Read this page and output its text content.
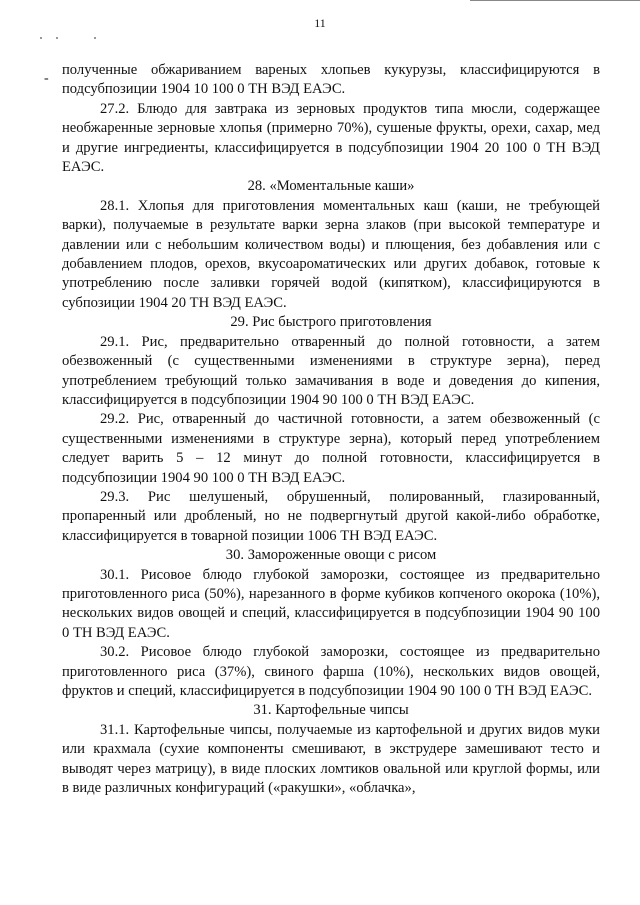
11
-

полученные обжариванием вареных хлопьев кукурузы, классифицируются в подсубпозиции 1904 10 100 0 ТН ВЭД ЕАЭС.

27.2. Блюдо для завтрака из зерновых продуктов типа мюсли, содержащее необжаренные зерновые хлопья (примерно 70%), сушеные фрукты, орехи, сахар, мед и другие ингредиенты, классифицируется в подсубпозиции 1904 20 100 0 ТН ВЭД ЕАЭС.

28. «Моментальные каши»

28.1. Хлопья для приготовления моментальных каш (каши, не требующей варки), получаемые в результате варки зерна злаков (при высокой температуре и давлении или с небольшим количеством воды) и плющения, без добавления или с добавлением плодов, орехов, вкусоароматических или других добавок, готовые к употреблению после заливки горячей водой (кипятком), классифицируются в субпозиции 1904 20 ТН ВЭД ЕАЭС.

29. Рис быстрого приготовления

29.1. Рис, предварительно отваренный до полной готовности, а затем обезвоженный (с существенными изменениями в структуре зерна), перед употреблением требующий только замачивания в воде и доведения до кипения, классифицируется в подсубпозиции 1904 90 100 0 ТН ВЭД ЕАЭС.

29.2. Рис, отваренный до частичной готовности, а затем обезвоженный (с существенными изменениями в структуре зерна), который перед употреблением следует варить 5 – 12 минут до полной готовности, классифицируется в подсубпозиции 1904 90 100 0 ТН ВЭД ЕАЭС.

29.3. Рис шелушеный, обрушенный, полированный, глазированный, пропаренный или дробленый, но не подвергнутый другой какой-либо обработке, классифицируется в товарной позиции 1006 ТН ВЭД ЕАЭС.

30. Замороженные овощи с рисом

30.1. Рисовое блюдо глубокой заморозки, состоящее из предварительно приготовленного риса (50%), нарезанного в форме кубиков копченого окорока (10%), нескольких видов овощей и специй, классифицируется в подсубпозиции 1904 90 100 0 ТН ВЭД ЕАЭС.

30.2. Рисовое блюдо глубокой заморозки, состоящее из предварительно приготовленного риса (37%), свиного фарша (10%), нескольких видов овощей, фруктов и специй, классифицируется в подсубпозиции 1904 90 100 0 ТН ВЭД ЕАЭС.

31. Картофельные чипсы

31.1. Картофельные чипсы, получаемые из картофельной и других видов муки или крахмала (сухие компоненты смешивают, в экструдере замешивают тесто и выводят через матрицу), в виде плоских ломтиков овальной или круглой формы, или в виде различных конфигураций («ракушки», «облачка»,
